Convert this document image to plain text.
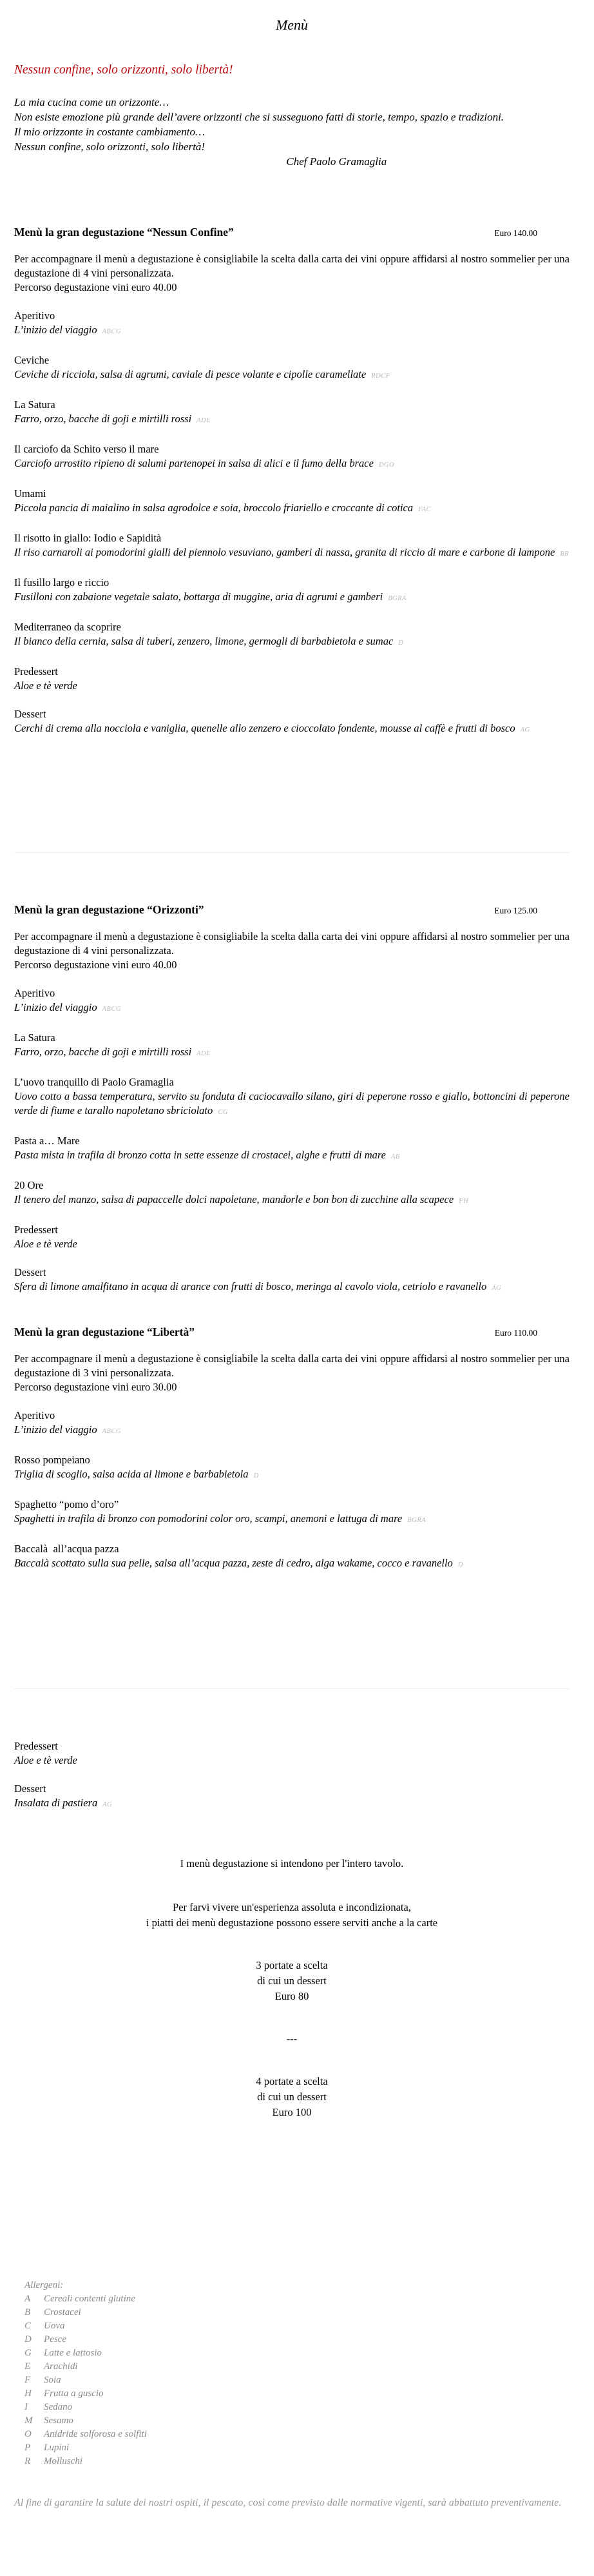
Menù
Nessun confine, solo orizzonti, solo libertà!
La mia cucina come un orizzonte…
Non esiste emozione più grande dell’avere orizzonti che si susseguono fatti di storie, tempo, spazio e tradizioni.
Il mio orizzonte in costante cambiamento…
Nessun confine, solo orizzonti, solo libertà!
Chef Paolo Gramaglia
Menù la gran degustazione “Nessun Confine”	Euro 140.00
Per accompagnare il menù a degustazione è consigliabile la scelta dalla carta dei vini oppure affidarsi al nostro sommelier per una degustazione di 4 vini personalizzata.
Percorso degustazione vini euro 40.00
Aperitivo
L’inizio del viaggio ABCG
Ceviche
Ceviche di ricciola, salsa di agrumi, caviale di pesce volante e cipolle caramellate RDCF
La Satura
Farro, orzo, bacche di goji e mirtilli rossi ADE
Il carciofo da Schito verso il mare
Carciofo arrostito ripieno di salumi partenopei in salsa di alici e il fumo della brace DGO
Umami
Piccola pancia di maialino in salsa agrodolce e soia, broccolo friariello e croccante di cotica FAC
Il risotto in giallo: Iodio e Sapidità
Il riso carnaroli ai pomodorini gialli del piennolo vesuviano, gamberi di nassa, granita di riccio di mare e carbone di lampone BR
Il fusillo largo e riccio
Fusilloni con zabaione vegetale salato, bottarga di muggine, aria di agrumi e gamberi BGRA
Mediterraneo da scoprire
Il bianco della cernia, salsa di tuberi, zenzero, limone, germogli di barbabietola e sumac D
Predessert
Aloe e tè verde
Dessert
Cerchi di crema alla nocciola e vaniglia, quenelle allo zenzero e cioccolato fondente, mousse al caffè e frutti di bosco AG
Menù la gran degustazione “Orizzonti”	Euro 125.00
Per accompagnare il menù a degustazione è consigliabile la scelta dalla carta dei vini oppure affidarsi al nostro sommelier per una degustazione di 4 vini personalizzata.
Percorso degustazione vini euro 40.00
Aperitivo
L’inizio del viaggio ABCG
La Satura
Farro, orzo, bacche di goji e mirtilli rossi ADE
L’uovo tranquillo di Paolo Gramaglia
Uovo cotto a bassa temperatura, servito su fonduta di caciocavallo silano, giri di peperone rosso e giallo, bottoncini di peperone verde di fiume e tarallo napoletano sbriciolato CG
Pasta a… Mare
Pasta mista in trafila di bronzo cotta in sette essenze di crostacei, alghe e frutti di mare AB
20 Ore
Il tenero del manzo, salsa di papaccelle dolci napoletane, mandorle e bon bon di zucchine alla scapece FH
Predessert
Aloe e tè verde
Dessert
Sfera di limone amalfitano in acqua di arance con frutti di bosco, meringa al cavolo viola, cetriolo e ravanello AG
Menù la gran degustazione “Libertà”	Euro 110.00
Per accompagnare il menù a degustazione è consigliabile la scelta dalla carta dei vini oppure affidarsi al nostro sommelier per una degustazione di 3 vini personalizzata.
Percorso degustazione vini euro 30.00
Aperitivo
L’inizio del viaggio ABCG
Rosso pompeiano
Triglia di scoglio, salsa acida al limone e barbabietola D
Spaghetto “pomo d’oro”
Spaghetti in trafila di bronzo con pomodorini color oro, scampi, anemoni e lattuga di mare BGRA
Baccalà  all’acqua pazza
Baccalà scottato sulla sua pelle, salsa all’acqua pazza, zeste di cedro, alga wakame, cocco e ravanello D
Predessert
Aloe e tè verde
Dessert
Insalata di pastiera AG
I menù degustazione si intendono per l'intero tavolo.
Per farvi vivere un'esperienza assoluta e incondizionata,
i piatti dei menù degustazione possono essere serviti anche a la carte
3 portate a scelta
di cui un dessert
Euro 80
---
4 portate a scelta
di cui un dessert
Euro 100
Allergeni:
A Cereali contenti glutine
B Crostacei
C Uova
D Pesce
G Latte e lattosio
E Arachidi
F Soia
H Frutta a guscio
I Sedano
M Sesamo
O Anidride solforosa e solfiti
P Lupini
R Molluschi
Al fine di garantire la salute dei nostri ospiti, il pescato, così come previsto dalle normative vigenti, sarà abbattuto preventivamente.
